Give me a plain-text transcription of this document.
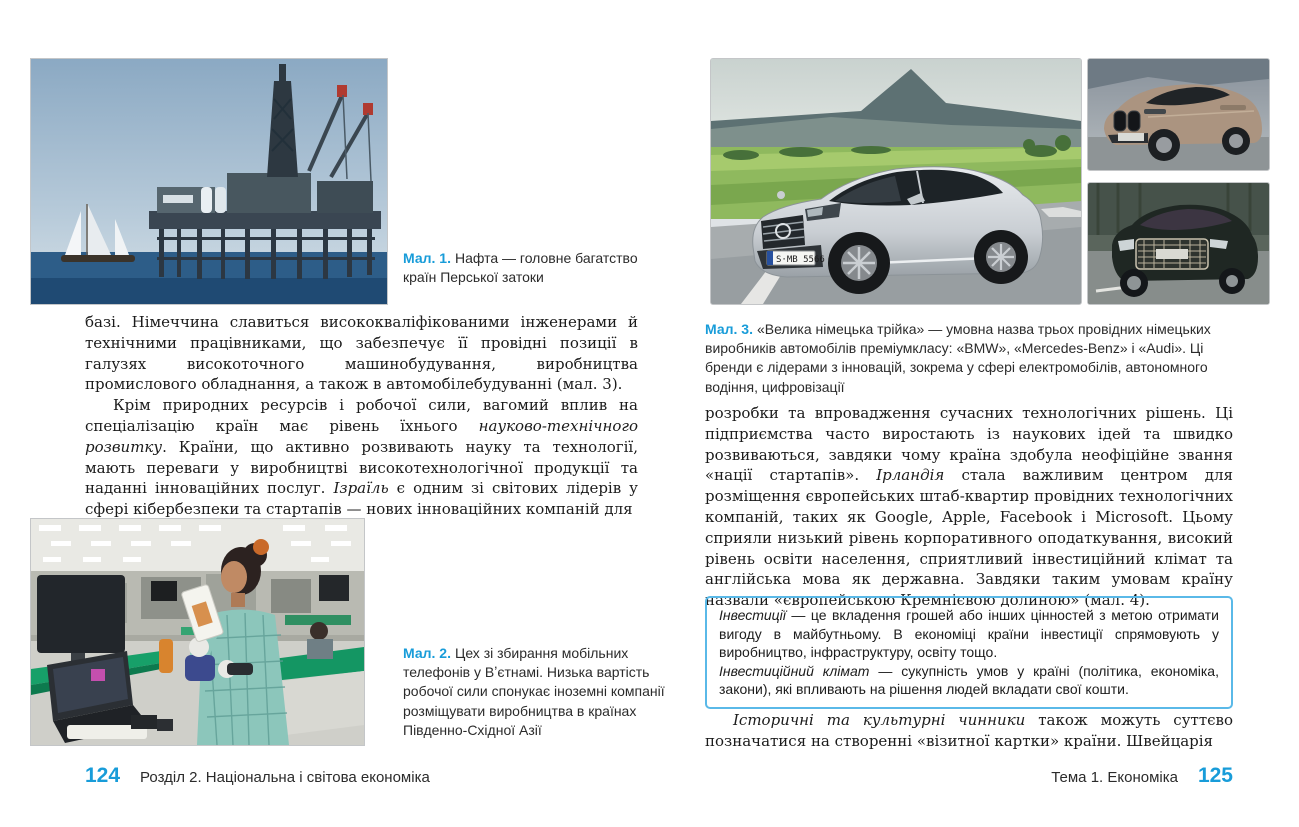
Мал. 1. Нафта — головне багатство країн Перської затоки

базі. Німеччина славиться висококваліфікованими інженерами й технічними працівниками, що забезпечує її провідні позиції в галузях високоточного машинобудування, виробництва промислового обладнання, а також в автомобілебудуванні (мал. 3).

Крім природних ресурсів і робочої сили, вагомий вплив на спеціалізацію країн має рівень їхнього науково-технічного розвитку. Країни, що активно розвивають науку та технології, мають переваги у виробництві високотехнологічної продукції та наданні інноваційних послуг. Ізраїль є одним зі світових лідерів у сфері кібербезпеки та стартапів — нових інноваційних компаній для

Мал. 2. Цех зі збирання мобільних телефонів у Вʼєтнамі. Низька вартість робочої сили спонукає іноземні компанії розміщувати виробництва в країнах Південно-Східної Азії
124 Розділ 2. Національна і світова економіка
S·MB 5566
Мал. 3. «Велика німецька трійка» — умовна назва трьох провідних німецьких виробників автомобілів преміумкласу: «BMW», «Mercedes-Benz» і «Audi». Ці бренди є лідерами з інновацій, зокрема у сфері електромобілів, автономного водіння, цифровізації

розробки та впровадження сучасних технологічних рішень. Ці підприємства часто виростають із наукових ідей та швидко розвиваються, завдяки чому країна здобула неофіційне звання «нації стартапів». Ірландія стала важливим центром для розміщення європейських штаб-квартир провідних технологічних компаній, таких як Google, Apple, Facebook і Microsoft. Цьому сприяли низький рівень корпоративного оподаткування, високий рівень освіти населення, сприятливий інвестиційний клімат та англійська мова як державна. Завдяки таким умовам країну назвали «європейською Кремнієвою долиною» (мал. 4).

Інвестиції — це вкладення грошей або інших цінностей з метою отримати вигоду в майбутньому. В економіці країни інвестиції спрямовують у виробництво, інфраструктуру, освіту тощо.

Інвестиційний клімат — сукупність умов у країні (політика, економіка, закони), які впливають на рішення людей вкладати свої кошти.

Історичні та культурні чинники також можуть суттєво позначатися на створенні «візитної картки» країни. Швейцарія

Тема 1. Економіка 125
